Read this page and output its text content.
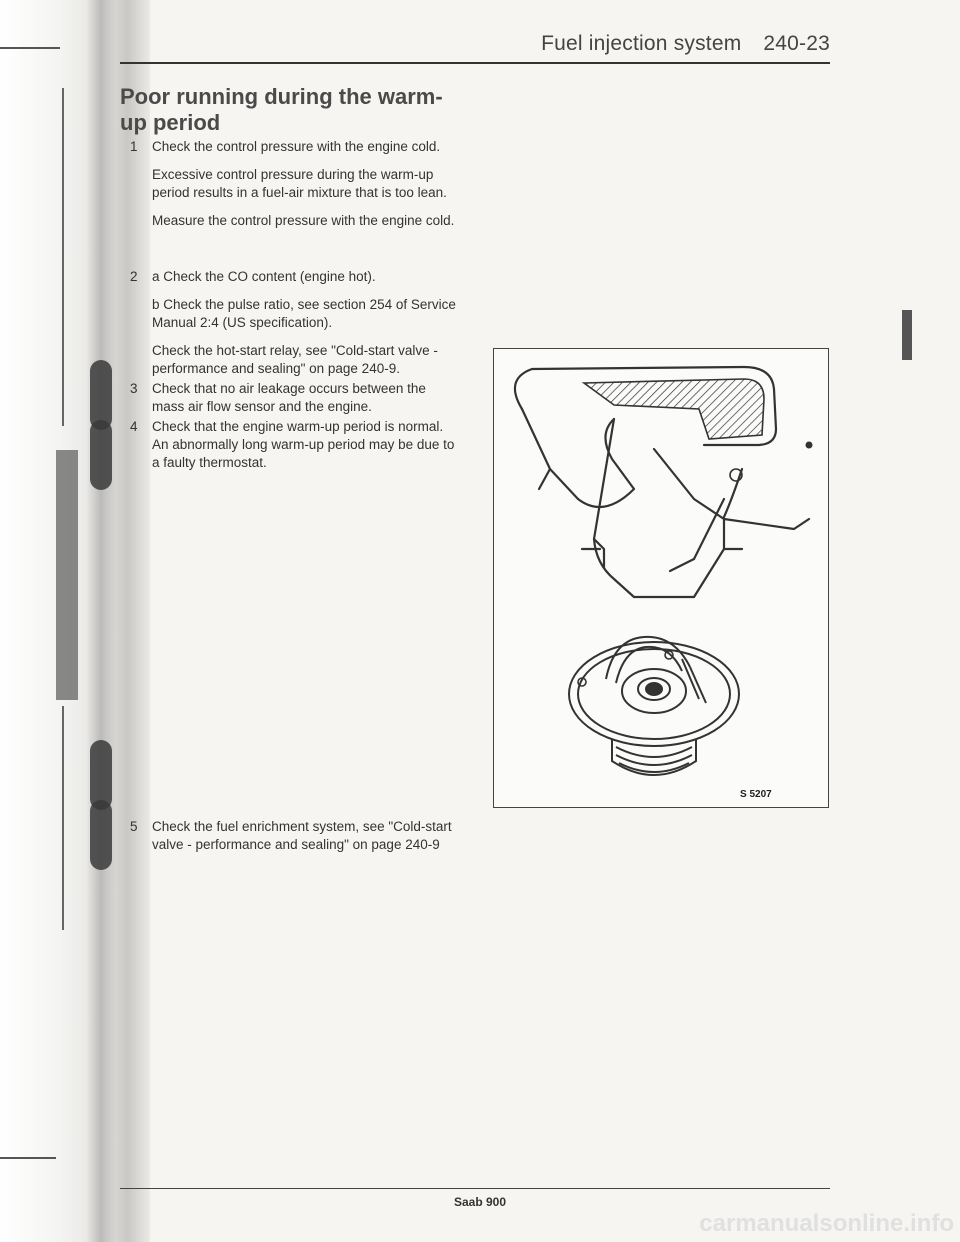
Fuel injection system 240-23
Poor running during the warm-up period
1	Check the control pressure with the engine cold.

Excessive control pressure during the warm-up period results in a fuel-air mixture that is too lean.

Measure the control pressure with the engine cold.

2	a Check the CO content (engine hot).

b Check the pulse ratio, see section 254 of Service Manual 2:4 (US specification).

Check the hot-start relay, see "Cold-start valve - performance and sealing" on page 240-9.

3	Check that no air leakage occurs between the mass air flow sensor and the engine.
4	Check that the engine warm-up period is normal. An abnormally long warm-up period may be due to a faulty thermostat.
5	Check the fuel enrichment system, see "Cold-start valve - performance and sealing" on page 240-9
S 5207
Saab 900
carmanualsonline.info
